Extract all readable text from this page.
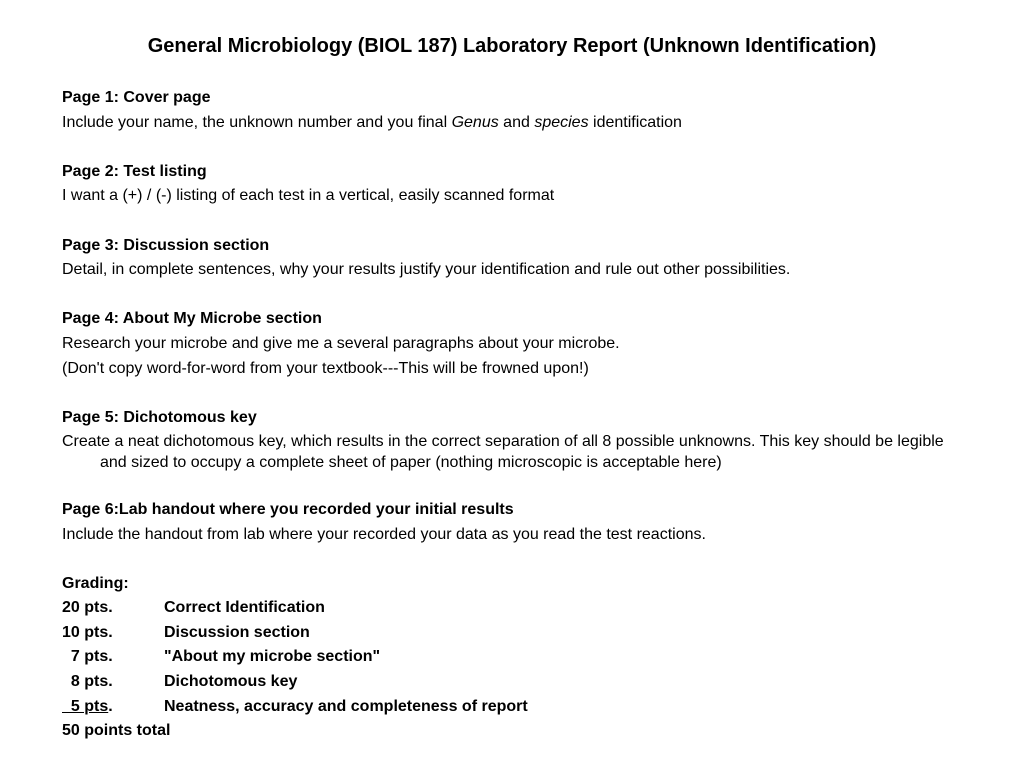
General Microbiology (BIOL 187) Laboratory Report (Unknown Identification)
Page 1: Cover page
Include your name, the unknown number and you final Genus and species identification
Page 2: Test listing
I want a (+) / (-) listing of each test in a vertical, easily scanned format
Page 3: Discussion section
Detail, in complete sentences, why your results justify your identification and rule out other possibilities.
Page 4: About My Microbe section
Research your microbe and give me a several paragraphs about your microbe.
(Don't copy word-for-word from your textbook---This will be frowned upon!)
Page 5: Dichotomous key
Create a neat dichotomous key, which results in the correct separation of all 8 possible unknowns. This key should be legible and sized to occupy a complete sheet of paper (nothing microscopic is acceptable here)
Page 6:Lab handout where you recorded your initial results
Include the handout from lab where your recorded your data as you read the test reactions.
Grading:
20 pts.	Correct Identification
10 pts.	Discussion section
7 pts.	"About my microbe section"
8 pts.	Dichotomous key
5 pts.	Neatness, accuracy and completeness of report
50 points total
